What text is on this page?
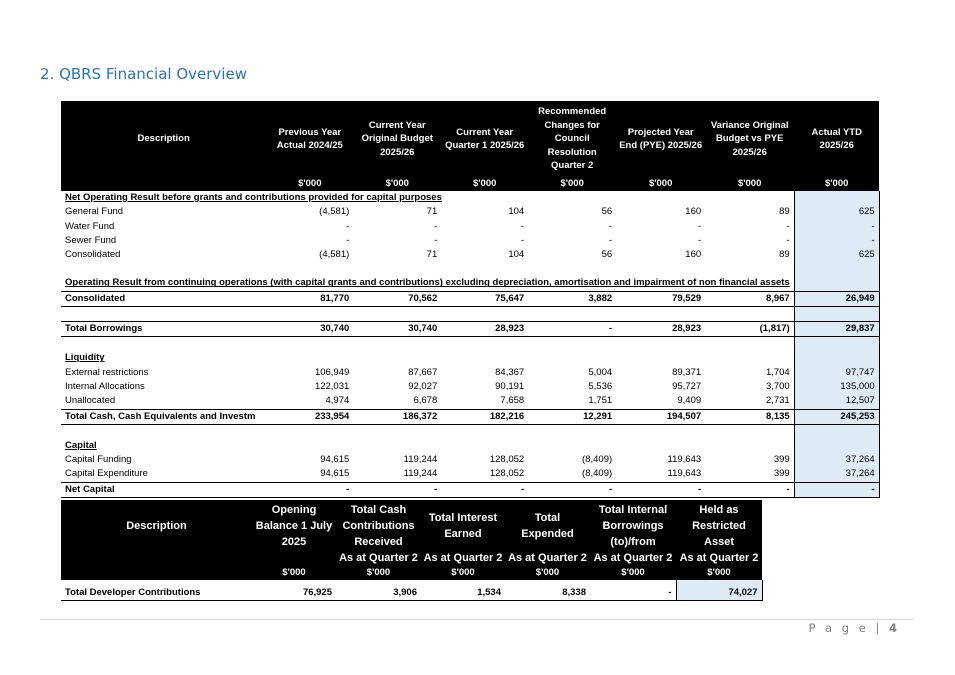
2. QBRS Financial Overview
Description	Previous Year Actual 2024/25	Current Year Original Budget 2025/26	Current Year Quarter 1 2025/26	Recommended Changes for Council Resolution Quarter 2	Projected Year End (PYE) 2025/26	Variance Original Budget vs PYE 2025/26	Actual YTD 2025/26
	$'000	$'000	$'000	$'000	$'000	$'000	$'000
Net Operating Result before grants and contributions provided for capital purposes							
General Fund	(4,581)	71	104	56	160	89	625
Water Fund	-	-	-	-	-	-	-
Sewer Fund	-	-	-	-	-	-	-
Consolidated	(4,581)	71	104	56	160	89	625

Operating Result from continuing operations (with capital grants and contributions) excluding depreciation, amortisation and impairment of non financial assets							
Consolidated	81,770	70,562	75,647	3,882	79,529	8,967	26,949

Total Borrowings	30,740	30,740	28,923	-	28,923	(1,817)	29,837

Liquidity							
External restrictions	106,949	87,667	84,367	5,004	89,371	1,704	97,747
Internal Allocations	122,031	92,027	90,191	5,536	95,727	3,700	135,000
Unallocated	4,974	6,678	7,658	1,751	9,409	2,731	12,507
Total Cash, Cash Equivalents and Investm	233,954	186,372	182,216	12,291	194,507	8,135	245,253

Capital							
Capital Funding	94,615	119,244	128,052	(8,409)	119,643	399	37,264
Capital Expenditure	94,615	119,244	128,052	(8,409)	119,643	399	37,264
Net Capital	-	-	-	-	-	-	-
Description	Opening Balance 1 July 2025	Total Cash Contributions Received	Total Interest Earned	Total Expended	Total Internal Borrowings (to)/from	Held as Restricted Asset
		As at Quarter 2	As at Quarter 2	As at Quarter 2	As at Quarter 2	As at Quarter 2
	$'000	$'000	$'000	$'000	$'000	$'000

Total Developer Contributions	76,925	3,906	1,534	8,338	-	74,027
P a g e | 4
